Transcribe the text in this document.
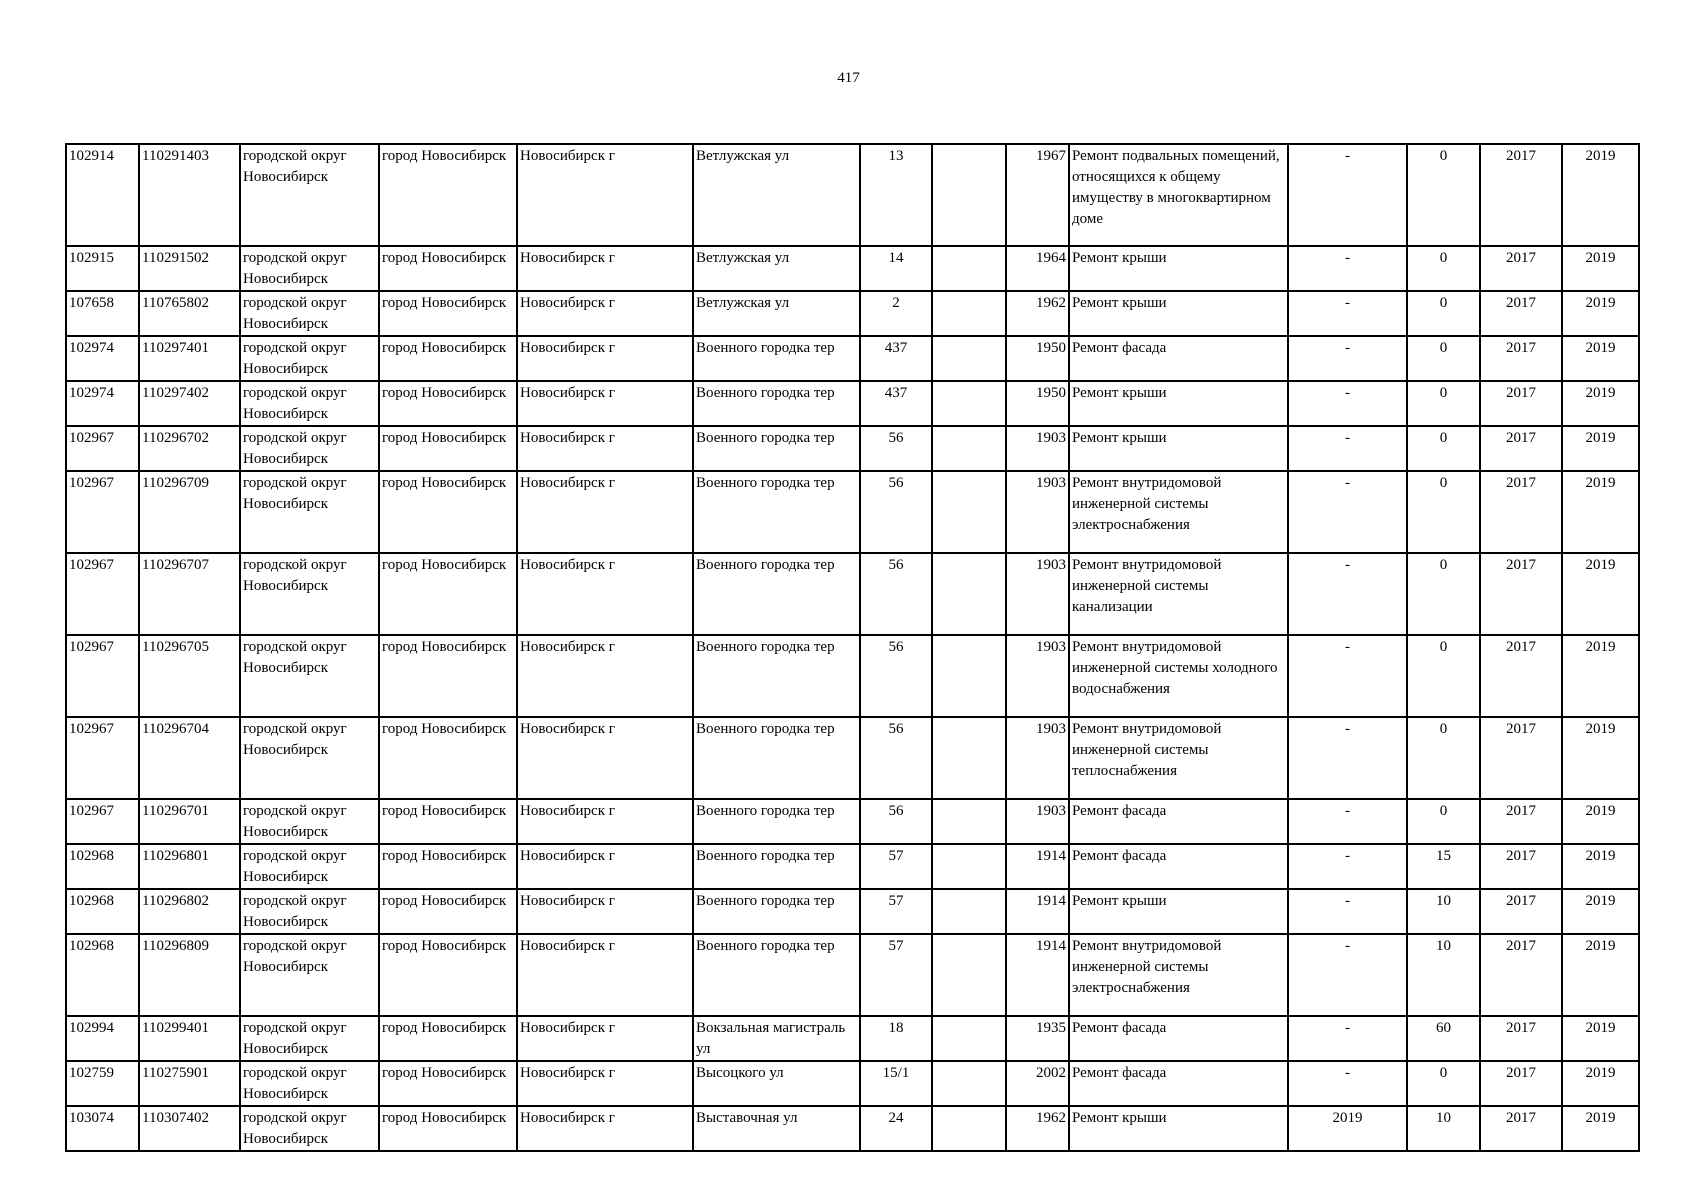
417
102914	110291403	городской округ Новосибирск	город Новосибирск	Новосибирск г	Ветлужская ул	13		1967	Ремонт подвальных помещений, относящихся к общему имуществу в многоквартирном доме	-	0	2017	2019
102915	110291502	городской округ Новосибирск	город Новосибирск	Новосибирск г	Ветлужская ул	14		1964	Ремонт крыши	-	0	2017	2019
107658	110765802	городской округ Новосибирск	город Новосибирск	Новосибирск г	Ветлужская ул	2		1962	Ремонт крыши	-	0	2017	2019
102974	110297401	городской округ Новосибирск	город Новосибирск	Новосибирск г	Военного городка тер	437		1950	Ремонт фасада	-	0	2017	2019
102974	110297402	городской округ Новосибирск	город Новосибирск	Новосибирск г	Военного городка тер	437		1950	Ремонт крыши	-	0	2017	2019
102967	110296702	городской округ Новосибирск	город Новосибирск	Новосибирск г	Военного городка тер	56		1903	Ремонт крыши	-	0	2017	2019
102967	110296709	городской округ Новосибирск	город Новосибирск	Новосибирск г	Военного городка тер	56		1903	Ремонт внутридомовой инженерной системы электроснабжения	-	0	2017	2019
102967	110296707	городской округ Новосибирск	город Новосибирск	Новосибирск г	Военного городка тер	56		1903	Ремонт внутридомовой инженерной системы канализации	-	0	2017	2019
102967	110296705	городской округ Новосибирск	город Новосибирск	Новосибирск г	Военного городка тер	56		1903	Ремонт внутридомовой инженерной системы холодного водоснабжения	-	0	2017	2019
102967	110296704	городской округ Новосибирск	город Новосибирск	Новосибирск г	Военного городка тер	56		1903	Ремонт внутридомовой инженерной системы теплоснабжения	-	0	2017	2019
102967	110296701	городской округ Новосибирск	город Новосибирск	Новосибирск г	Военного городка тер	56		1903	Ремонт фасада	-	0	2017	2019
102968	110296801	городской округ Новосибирск	город Новосибирск	Новосибирск г	Военного городка тер	57		1914	Ремонт фасада	-	15	2017	2019
102968	110296802	городской округ Новосибирск	город Новосибирск	Новосибирск г	Военного городка тер	57		1914	Ремонт крыши	-	10	2017	2019
102968	110296809	городской округ Новосибирск	город Новосибирск	Новосибирск г	Военного городка тер	57		1914	Ремонт внутридомовой инженерной системы электроснабжения	-	10	2017	2019
102994	110299401	городской округ Новосибирск	город Новосибирск	Новосибирск г	Вокзальная магистраль ул	18		1935	Ремонт фасада	-	60	2017	2019
102759	110275901	городской округ Новосибирск	город Новосибирск	Новосибирск г	Высоцкого ул	15/1		2002	Ремонт фасада	-	0	2017	2019
103074	110307402	городской округ Новосибирск	город Новосибирск	Новосибирск г	Выставочная ул	24		1962	Ремонт крыши	2019	10	2017	2019
